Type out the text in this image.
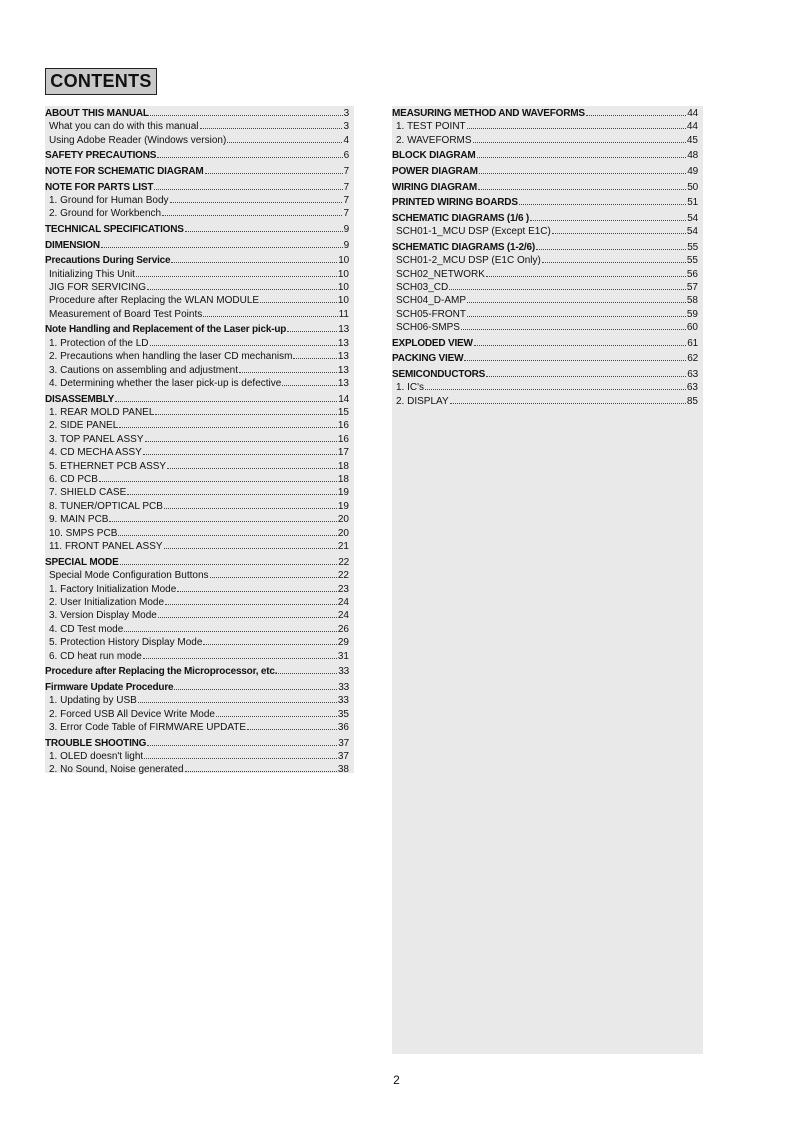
CONTENTS
ABOUT THIS MANUAL	3
What you can do with this manual	3
Using Adobe Reader (Windows version)	4
SAFETY PRECAUTIONS	6
NOTE FOR SCHEMATIC DIAGRAM	7
NOTE FOR PARTS LIST	7
1. Ground for Human Body	7
2. Ground for Workbench	7
TECHNICAL SPECIFICATIONS	9
DIMENSION	9
Precautions During Service	10
Initializing This Unit	10
JIG FOR SERVICING	10
Procedure after Replacing the WLAN MODULE	10
Measurement of Board Test Points	11
Note Handling and Replacement of the Laser pick-up	13
1. Protection of the LD	13
2. Precautions when handling the laser CD mechanism	13
3. Cautions on assembling and adjustment	13
4. Determining whether the laser pick-up is defective	13
DISASSEMBLY	14
1. REAR MOLD PANEL	15
2. SIDE PANEL	16
3. TOP PANEL ASSY	16
4. CD MECHA ASSY	17
5. ETHERNET PCB ASSY	18
6. CD PCB	18
7. SHIELD CASE	19
8. TUNER/OPTICAL PCB	19
9. MAIN PCB	20
10. SMPS PCB	20
11. FRONT PANEL ASSY	21
SPECIAL MODE	22
Special Mode Configuration Buttons	22
1. Factory Initialization Mode	23
2. User Initialization Mode	24
3. Version Display Mode	24
4. CD Test mode	26
5. Protection History Display Mode	29
6. CD heat run mode	31
Procedure after Replacing the Microprocessor, etc.	33
Firmware Update Procedure	33
1. Updating by USB	33
2. Forced USB All Device Write Mode	35
3. Error Code Table of FIRMWARE UPDATE	36
TROUBLE SHOOTING	37
1. OLED doesn't light	37
2. No Sound, Noise generated	38
MEASURING METHOD AND WAVEFORMS	44
1. TEST POINT	44
2. WAVEFORMS	45
BLOCK DIAGRAM	48
POWER DIAGRAM	49
WIRING DIAGRAM	50
PRINTED WIRING BOARDS	51
SCHEMATIC DIAGRAMS (1/6 )	54
SCH01-1_MCU DSP (Except E1C)	54
SCHEMATIC DIAGRAMS (1-2/6)	55
SCH01-2_MCU DSP (E1C Only)	55
SCH02_NETWORK	56
SCH03_CD	57
SCH04_D-AMP	58
SCH05-FRONT	59
SCH06-SMPS	60
EXPLODED VIEW	61
PACKING VIEW	62
SEMICONDUCTORS	63
1. IC's	63
2. DISPLAY	85
2
